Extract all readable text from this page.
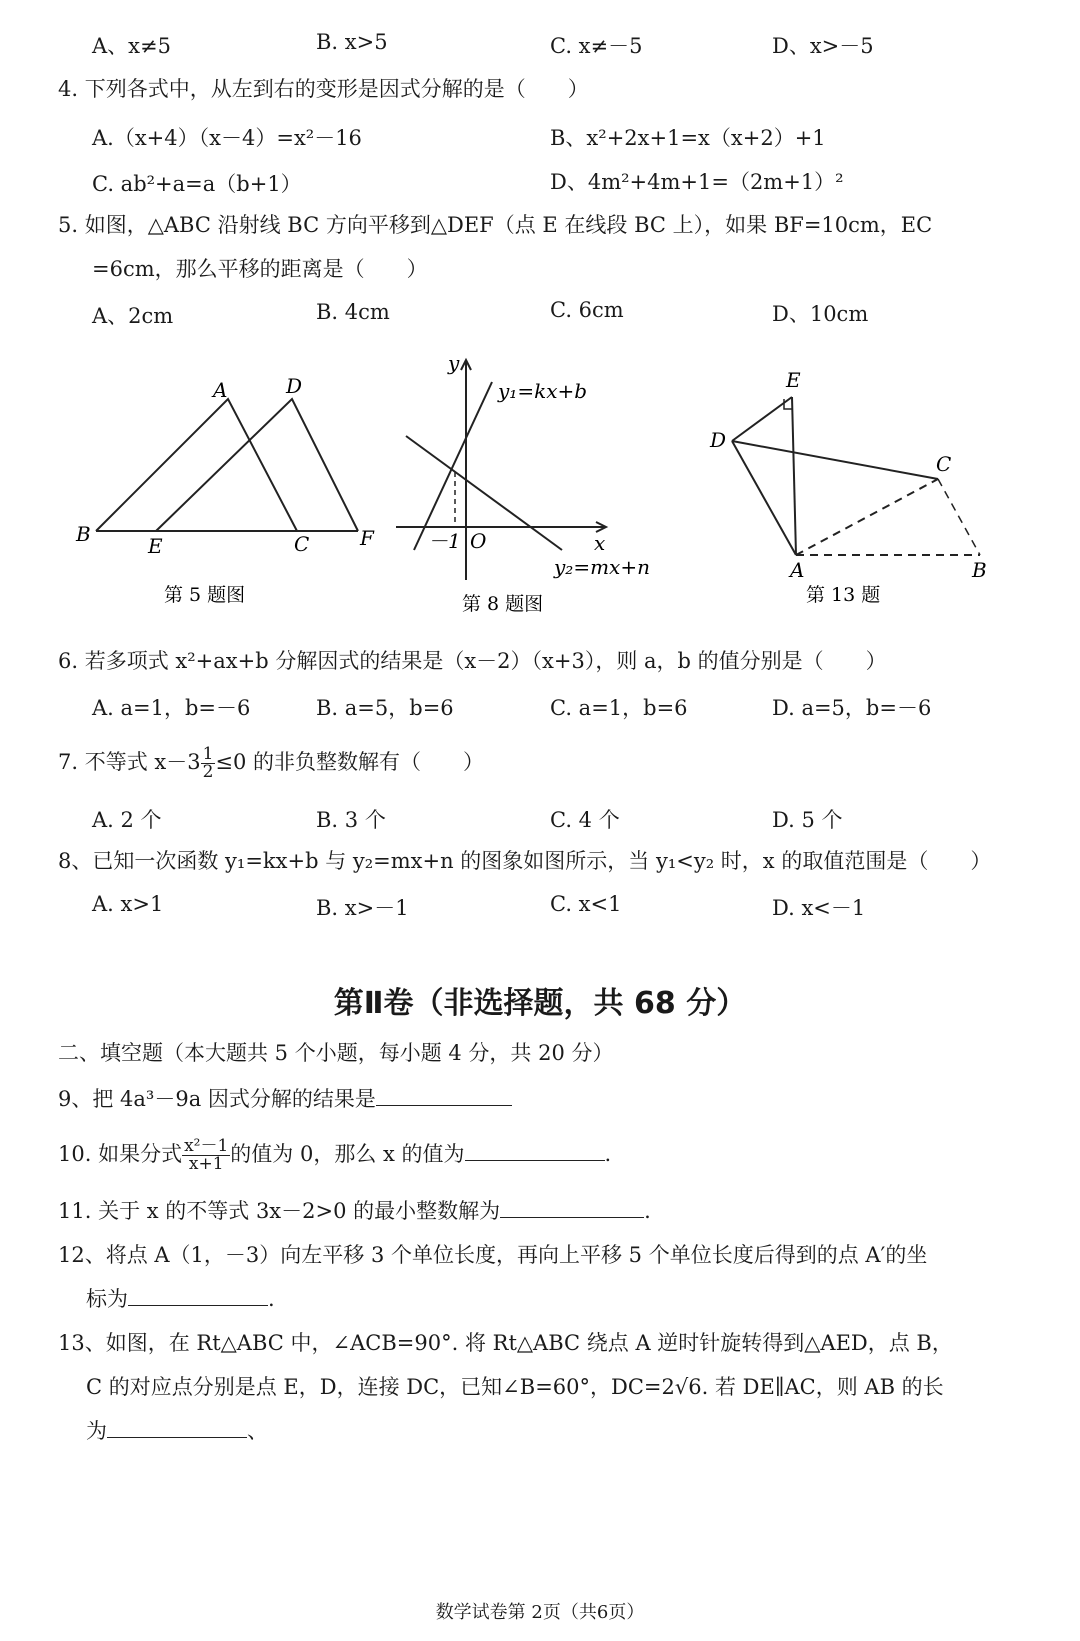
A、x≠5	B. x>5	C. x≠－5	D、x>－5
4. 下列各式中，从左到右的变形是因式分解的是（　　）
A.（x+4）（x－4）=x²－16	B、x²+2x+1=x（x+2）+1
C. ab²+a=a（b+1）	D、4m²+4m+1=（2m+1）²
5. 如图，△ABC 沿射线 BC 方向平移到△DEF（点 E 在线段 BC 上），如果 BF=10cm，EC
=6cm，那么平移的距离是（　　）
A、2cm	B. 4cm	C. 6cm	D、10cm
A	D
B	E	C	F
第 5 题图
y
x
O
－1
y₁=kx+b
y₂=mx+n
第 8 题图
E
D
C
A	B
第 13 题
6. 若多项式 x²+ax+b 分解因式的结果是（x－2）（x+3），则 a，b 的值分别是（　　）
A. a=1，b=－6	B. a=5，b=6	C. a=1，b=6	D. a=5，b=－6
7. 不等式 $x-3 \frac{1}{2} \le 0$ 的非负整数解有（　　）
A. 2 个	B. 3 个	C. 4 个	D. 5 个
8、已知一次函数 y₁=kx+b 与 y₂=mx+n 的图象如图所示，当 y₁<y₂ 时，x 的取值范围是（　　）
A. x>1	B. x>－1	C. x<1	D. x<－1
第Ⅱ卷（非选择题，共 68 分）
二、填空题（本大题共 5 个小题，每小题 4 分，共 20 分）
9、把 4a³－9a 因式分解的结果是
10. 如果分式 $\frac{\text{x²－1}}{x+1}$ 的值为 0，那么 x 的值为	.
11. 关于 x 的不等式 3x－2>0 的最小整数解为	.
12、将点 A（1，－3）向左平移 3 个单位长度，再向上平移 5 个单位长度后得到的点 A′的坐
标为	.
13、如图，在 Rt△ABC 中，∠ACB=90°. 将 Rt△ABC 绕点 A 逆时针旋转得到△AED，点 B，
C 的对应点分别是点 E，D，连接 DC，已知∠B=60°，DC=2√6. 若 DE∥AC，则 AB 的长
为	、
数学试卷第 2页（共6页）
